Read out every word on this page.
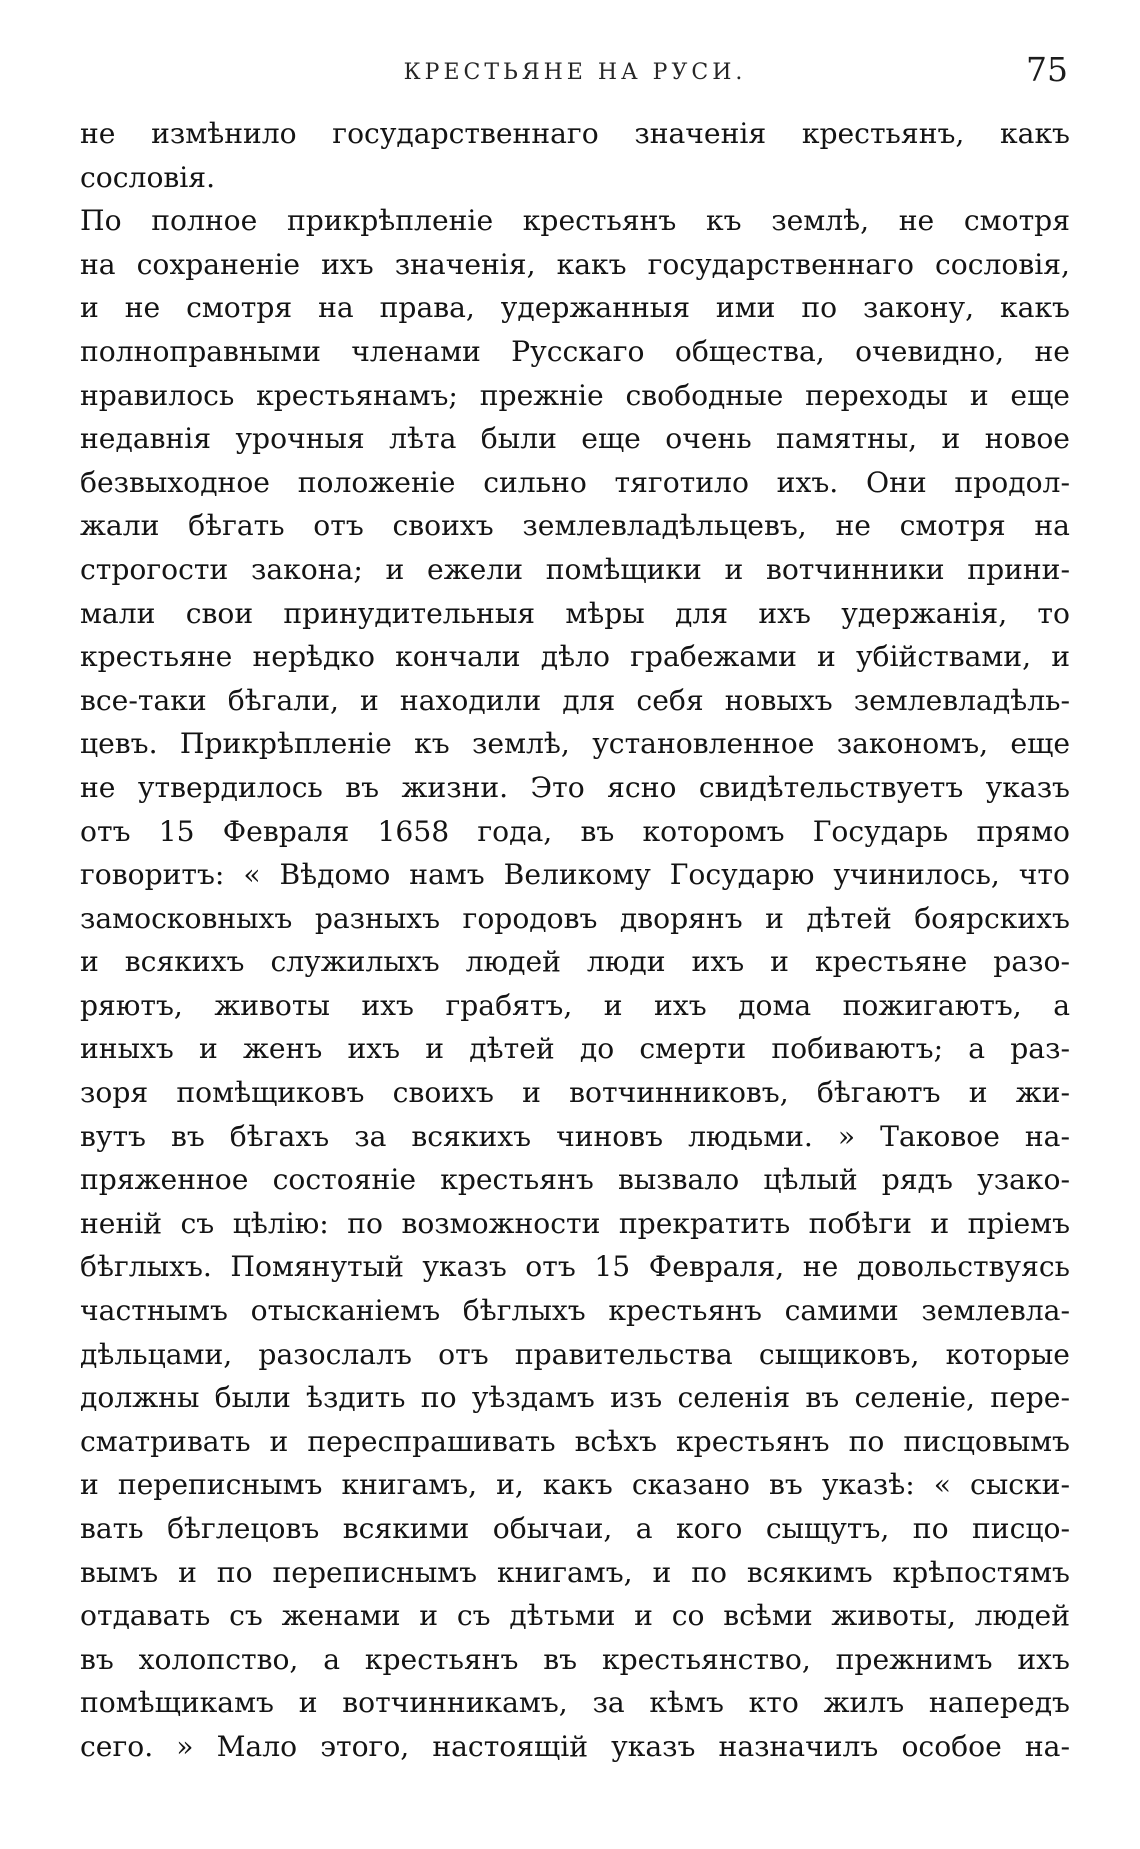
КРЕСТЬЯНЕ НА РУСИ.	75
не измѣнило государственнаго значенія крестьянъ, какъ
сословія.
По полное прикрѣпленіе крестьянъ къ землѣ, не смотря
на сохраненіе ихъ значенія, какъ государственнаго сословія,
и не смотря на права, удержанныя ими по закону, какъ
полноправными членами Русскаго общества, очевидно, не
нравилось крестьянамъ; прежніе свободные переходы и еще
недавнія урочныя лѣта были еще очень памятны, и новое
безвыходное положеніе сильно тяготило ихъ. Они продол-
жали бѣгать отъ своихъ землевладѣльцевъ, не смотря на
строгости закона; и ежели помѣщики и вотчинники прини-
мали свои принудительныя мѣры для ихъ удержанія, то
крестьяне нерѣдко кончали дѣло грабежами и убійствами, и
все-таки бѣгали, и находили для себя новыхъ землевладѣль-
цевъ. Прикрѣпленіе къ землѣ, установленное закономъ, еще
не утвердилось въ жизни. Это ясно свидѣтельствуетъ указъ
отъ 15 Февраля 1658 года, въ которомъ Государь прямо
говоритъ: « Вѣдомо намъ Великому Государю учинилось, что
замосковныхъ разныхъ городовъ дворянъ и дѣтей боярскихъ
и всякихъ служилыхъ людей люди ихъ и крестьяне разо-
ряютъ, животы ихъ грабятъ, и ихъ дома пожигаютъ, а
иныхъ и женъ ихъ и дѣтей до смерти побиваютъ; а раз-
зоря помѣщиковъ своихъ и вотчинниковъ, бѣгаютъ и жи-
вутъ въ бѣгахъ за всякихъ чиновъ людьми. » Таковое на-
пряженное состояніе крестьянъ вызвало цѣлый рядъ узако-
неній съ цѣлію: по возможности прекратить побѣги и пріемъ
бѣглыхъ. Помянутый указъ отъ 15 Февраля, не довольствуясь
частнымъ отысканіемъ бѣглыхъ крестьянъ самими землевла-
дѣльцами, разослалъ отъ правительства сыщиковъ, которые
должны были ѣздить по уѣздамъ изъ селенія въ селеніе, пере-
сматривать и переспрашивать всѣхъ крестьянъ по писцовымъ
и переписнымъ книгамъ, и, какъ сказано въ указѣ: « сыски-
вать бѣглецовъ всякими обычаи, а кого сыщутъ, по писцо-
вымъ и по переписнымъ книгамъ, и по всякимъ крѣпостямъ
отдавать съ женами и съ дѣтьми и со всѣми животы, людей
въ холопство, а крестьянъ въ крестьянство, прежнимъ ихъ
помѣщикамъ и вотчинникамъ, за кѣмъ кто жилъ напередъ
сего. » Мало этого, настоящій указъ назначилъ особое на-
